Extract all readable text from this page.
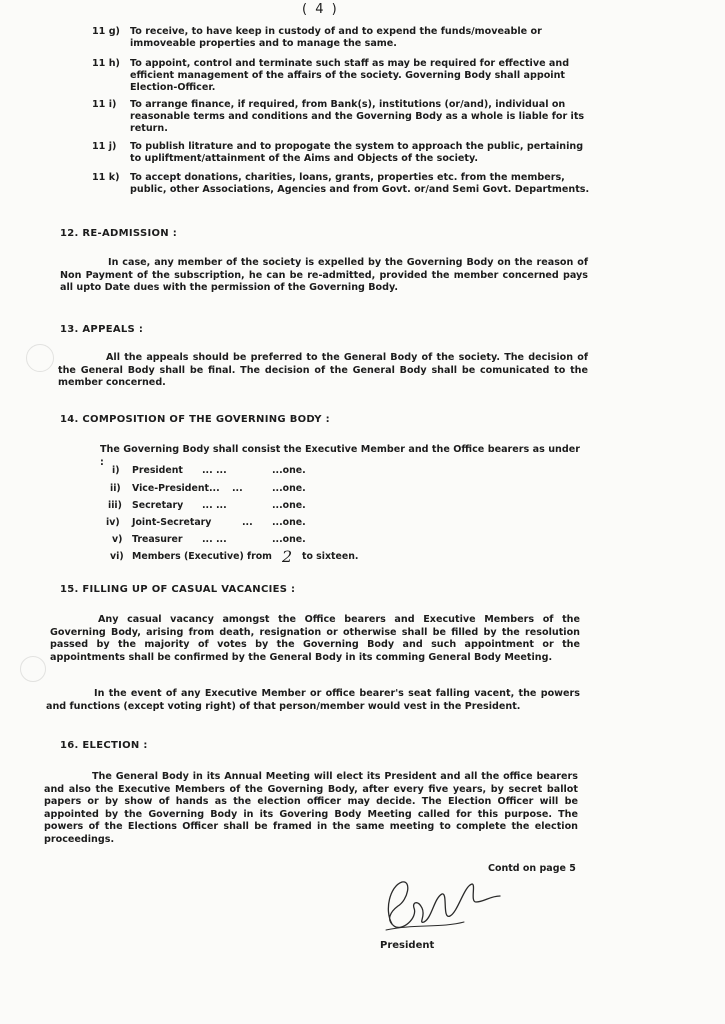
( 4 )
11 g) To receive, to have keep in custody of and to expend the funds/moveable or immoveable properties and to manage the same.
11 h) To appoint, control and terminate such staff as may be required for effective and efficient management of the affairs of the society. Governing Body shall appoint Election-Officer.
11 i) To arrange finance, if required, from Bank(s), institutions (or/and), individual on reasonable terms and conditions and the Governing Body as a whole is liable for its return.
11 j) To publish litrature and to propogate the system to approach the public, pertaining to upliftment/attainment of the Aims and Objects of the society.
11 k) To accept donations, charities, loans, grants, properties etc. from the members, public, other Associations, Agencies and from Govt. or/and Semi Govt. Departments.
12. RE-ADMISSION :
In case, any member of the society is expelled by the Governing Body on the reason of Non Payment of the subscription, he can be re-admitted, provided the member concerned pays all upto Date dues with the permission of the Governing Body.
13. APPEALS :
All the appeals should be preferred to the General Body of the society. The decision of the General Body shall be final. The decision of the General Body shall be comunicated to the member concerned.
14. COMPOSITION OF THE GOVERNING BODY :
The Governing Body shall consist the Executive Member and the Office bearers as under :
i) President ... ...	...one.
ii) Vice-President... ...	...one.
iii) Secretary ... ...	...one.
iv) Joint-Secretary	... ...one.
v) Treasurer ... ...	...one.
vi) Members (Executive) from 2 to sixteen.
15. FILLING UP OF CASUAL VACANCIES :
Any casual vacancy amongst the Office bearers and Executive Members of the Governing Body, arising from death, resignation or otherwise shall be filled by the resolution passed by the majority of votes by the Governing Body and such appointment or the appointments shall be confirmed by the General Body in its comming General Body Meeting.
In the event of any Executive Member or office bearer's seat falling vacent, the powers and functions (except voting right) of that person/member would vest in the President.
16. ELECTION :
The General Body in its Annual Meeting will elect its President and all the office bearers and also the Executive Members of the Governing Body, after every five years, by secret ballot papers or by show of hands as the election officer may decide. The Election Officer will be appointed by the Governing Body in its Govering Body Meeting called for this purpose. The powers of the Elections Officer shall be framed in the same meeting to complete the election proceedings.
Contd on page 5
President
